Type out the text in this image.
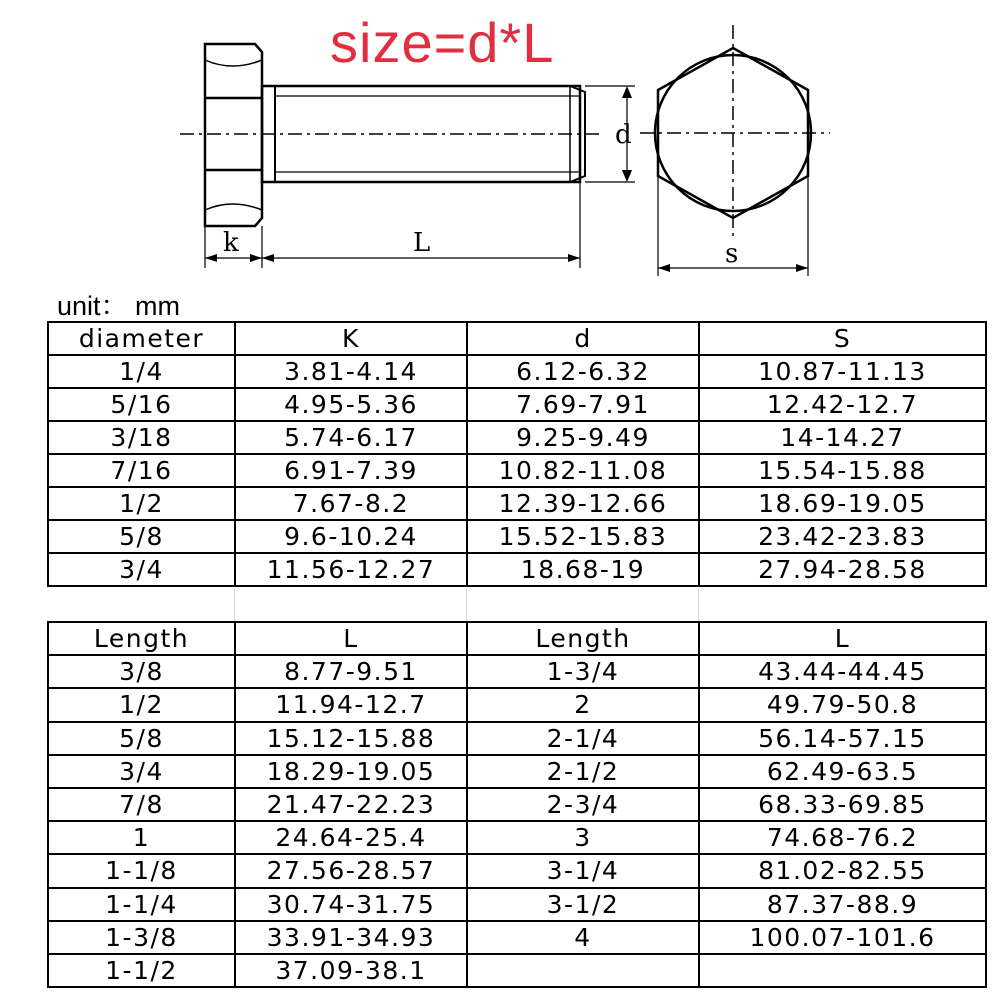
k	L
d
s
size=d*L
unit： mm
diameter	K	d	S
1/4	3.81-4.14	6.12-6.32	10.87-11.13
5/16	4.95-5.36	7.69-7.91	12.42-12.7
3/18	5.74-6.17	9.25-9.49	14-14.27
7/16	6.91-7.39	10.82-11.08	15.54-15.88
1/2	7.67-8.2	12.39-12.66	18.69-19.05
5/8	9.6-10.24	15.52-15.83	23.42-23.83
3/4	11.56-12.27	18.68-19	27.94-28.58
Length	L	Length	L
3/8	8.77-9.51	1-3/4	43.44-44.45
1/2	11.94-12.7	2	49.79-50.8
5/8	15.12-15.88	2-1/4	56.14-57.15
3/4	18.29-19.05	2-1/2	62.49-63.5
7/8	21.47-22.23	2-3/4	68.33-69.85
1	24.64-25.4	3	74.68-76.2
1-1/8	27.56-28.57	3-1/4	81.02-82.55
1-1/4	30.74-31.75	3-1/2	87.37-88.9
1-3/8	33.91-34.93	4	100.07-101.6
1-1/2	37.09-38.1		
